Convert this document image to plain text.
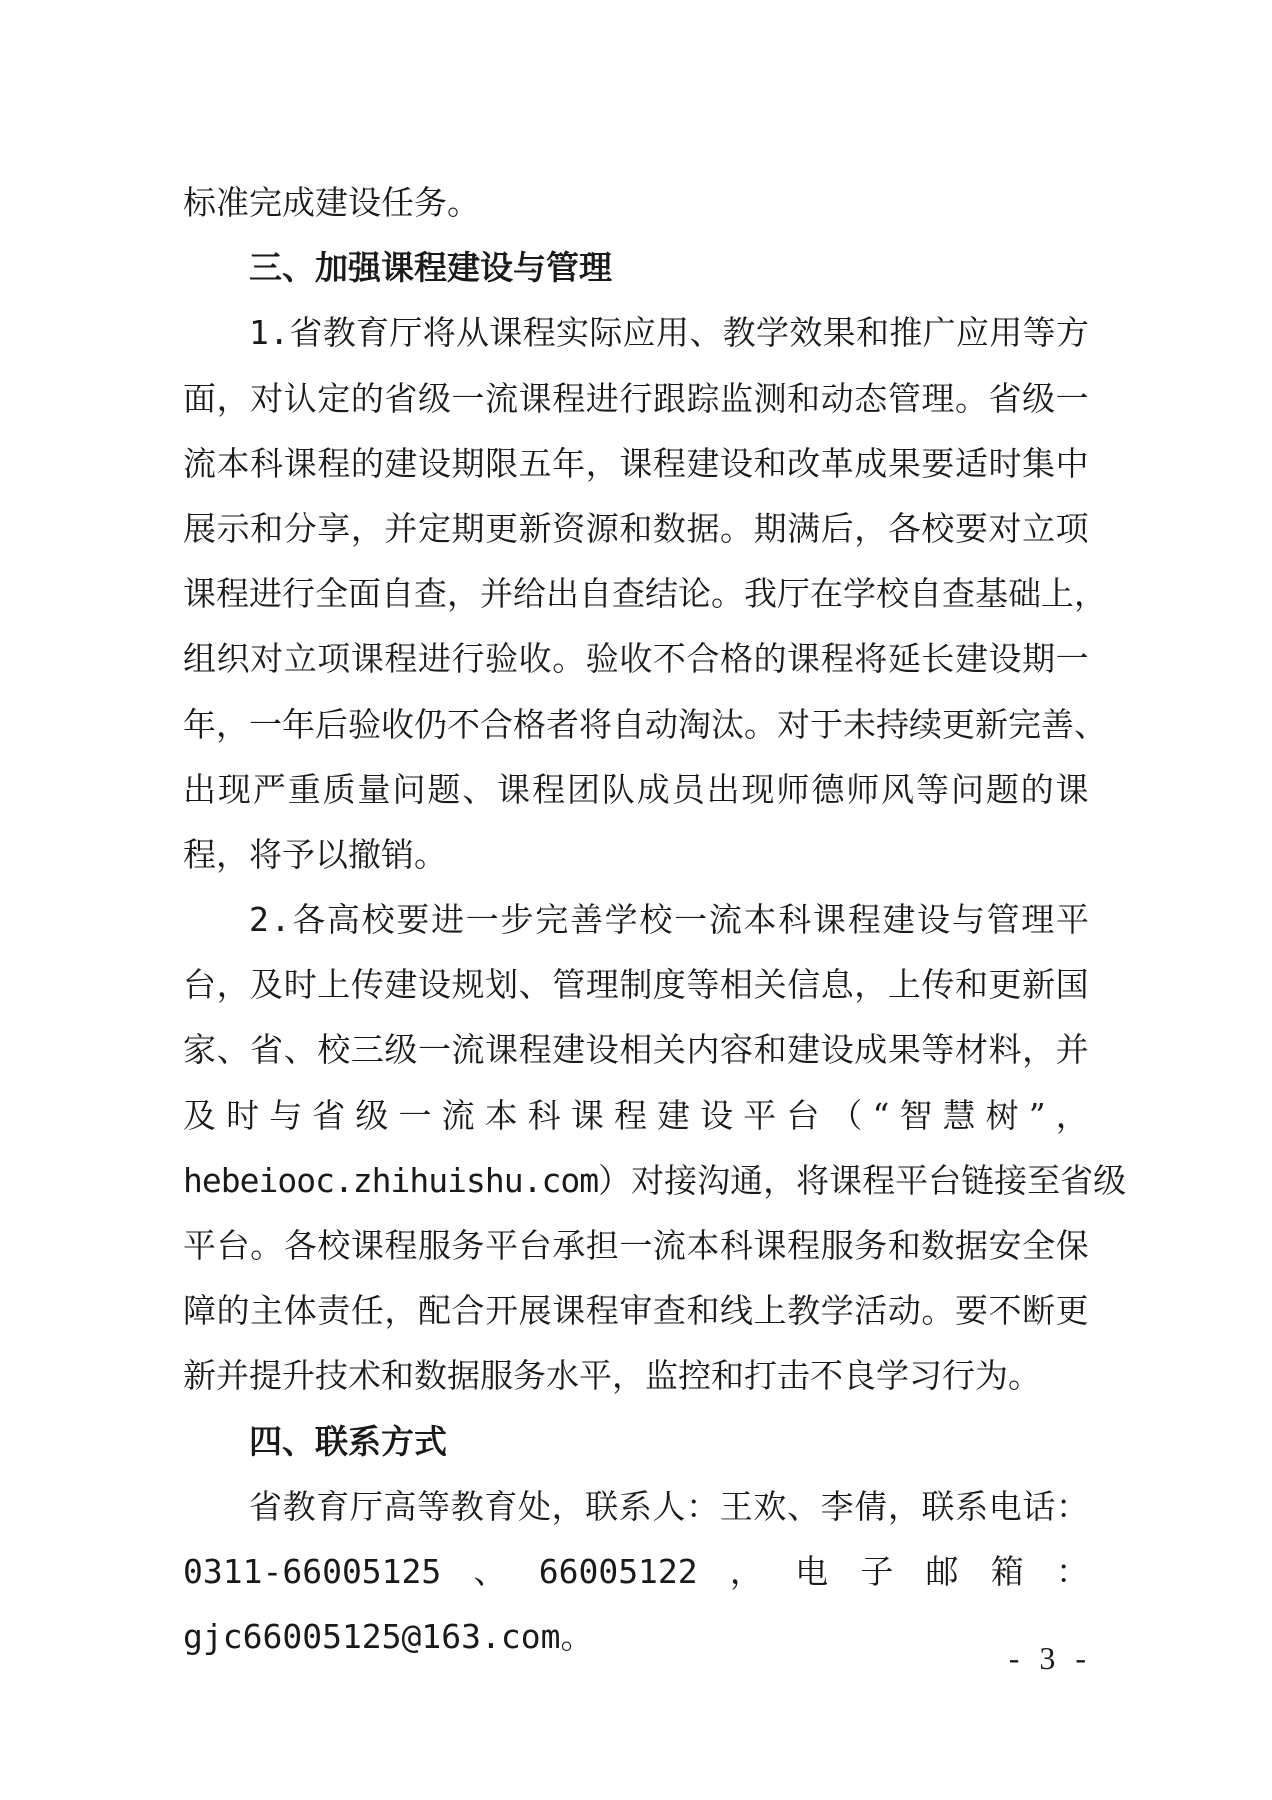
标准完成建设任务。
三、加强课程建设与管理
1 . 省 教 育 厅 将 从 课 程 实 际 应 用 、 教 学 效 果 和 推 广 应 用 等 方
面 ， 对 认 定 的 省 级 一 流 课 程 进 行 跟 踪 监 测 和 动 态 管 理 。 省 级 一
流 本 科 课 程 的 建 设 期 限 五 年 ， 课 程 建 设 和 改 革 成 果 要 适 时 集 中
展 示 和 分 享 ， 并 定 期 更 新 资 源 和 数 据 。 期 满 后 ， 各 校 要 对 立 项
课 程 进 行 全 面 自 查 ， 并 给 出 自 查 结 论 。 我 厅 在 学 校 自 查 基 础 上 ，
组 织 对 立 项 课 程 进 行 验 收 。 验 收 不 合 格 的 课 程 将 延 长 建 设 期 一
年 ， 一 年 后 验 收 仍 不 合 格 者 将 自 动 淘 汰 。 对 于 未 持 续 更 新 完 善 、
出 现 严 重 质 量 问 题 、 课 程 团 队 成 员 出 现 师 德 师 风 等 问 题 的 课
程，将予以撤销。
2 . 各 高 校 要 进 一 步 完 善 学 校 一 流 本 科 课 程 建 设 与 管 理 平
台 ， 及 时 上 传 建 设 规 划 、 管 理 制 度 等 相 关 信 息 ， 上 传 和 更 新 国
家 、 省 、 校 三 级 一 流 课 程 建 设 相 关 内 容 和 建 设 成 果 等 材 料 ， 并
及 时 与 省 级 一 流 本 科 课 程 建 设 平 台 （ “ 智 慧 树 ” ，
hebeiooc.zhihuishu.com ） 对 接 沟 通 ， 将 课 程 平 台 链 接 至 省 级
平 台 。 各 校 课 程 服 务 平 台 承 担 一 流 本 科 课 程 服 务 和 数 据 安 全 保
障 的 主 体 责 任 ， 配 合 开 展 课 程 审 查 和 线 上 教 学 活 动 。 要 不 断 更
新并提升技术和数据服务水平，监控和打击不良学习行为。
四、联系方式
省 教 育 厅 高 等 教 育 处 ， 联 系 人 ： 王 欢 、 李 倩 ， 联 系 电 话 ：
0311-66005125 、 66005122 ， 电 子 邮 箱 ：
gjc66005125@163.com。
- 3 -
